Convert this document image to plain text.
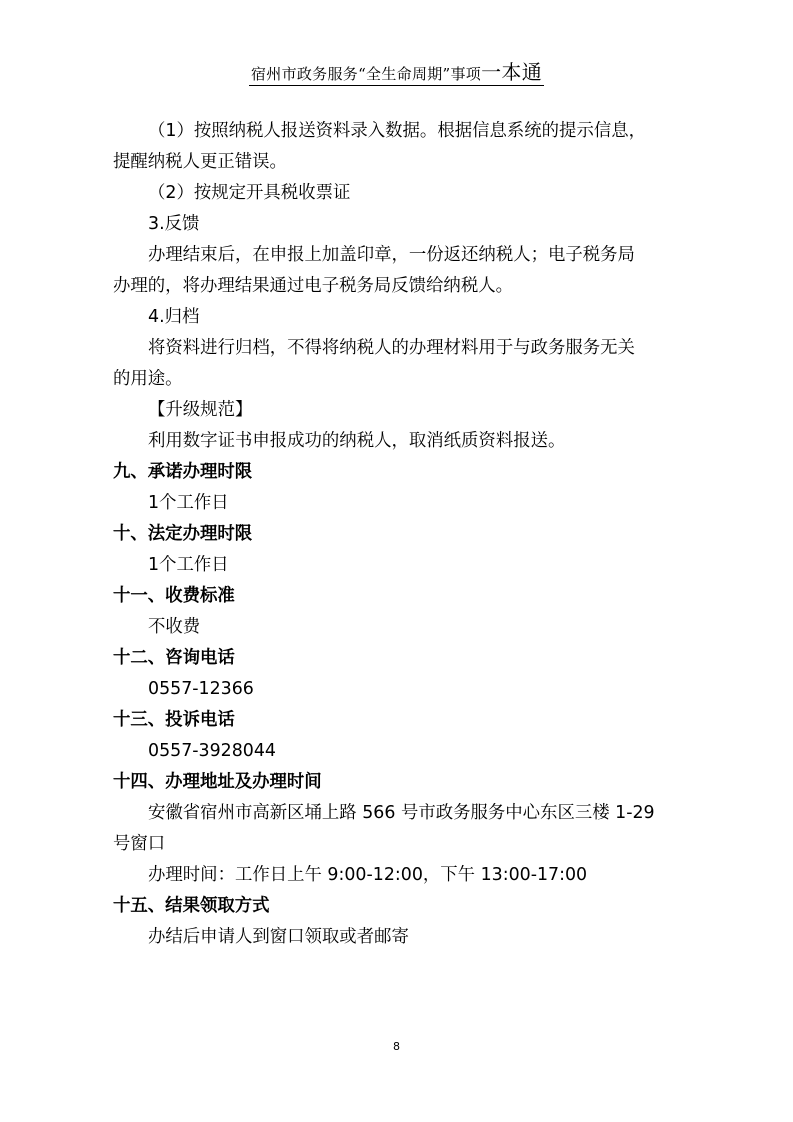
宿州市政务服务“全生命周期”事项一本通
（1）按照纳税人报送资料录入数据。根据信息系统的提示信息，
提醒纳税人更正错误。
（2）按规定开具税收票证
3.反馈
办理结束后，在申报上加盖印章，一份返还纳税人；电子税务局
办理的，将办理结果通过电子税务局反馈给纳税人。
4.归档
将资料进行归档，不得将纳税人的办理材料用于与政务服务无关
的用途。
【升级规范】
利用数字证书申报成功的纳税人，取消纸质资料报送。
九、承诺办理时限
1个工作日
十、法定办理时限
1个工作日
十一、收费标准
不收费
十二、咨询电话
0557-12366
十三、投诉电话
0557-3928044
十四、办理地址及办理时间
安徽省宿州市高新区埇上路 566 号市政务服务中心东区三楼 1-29
号窗口
办理时间：工作日上午 9:00-12:00，下午 13:00-17:00
十五、结果领取方式
办结后申请人到窗口领取或者邮寄
8
